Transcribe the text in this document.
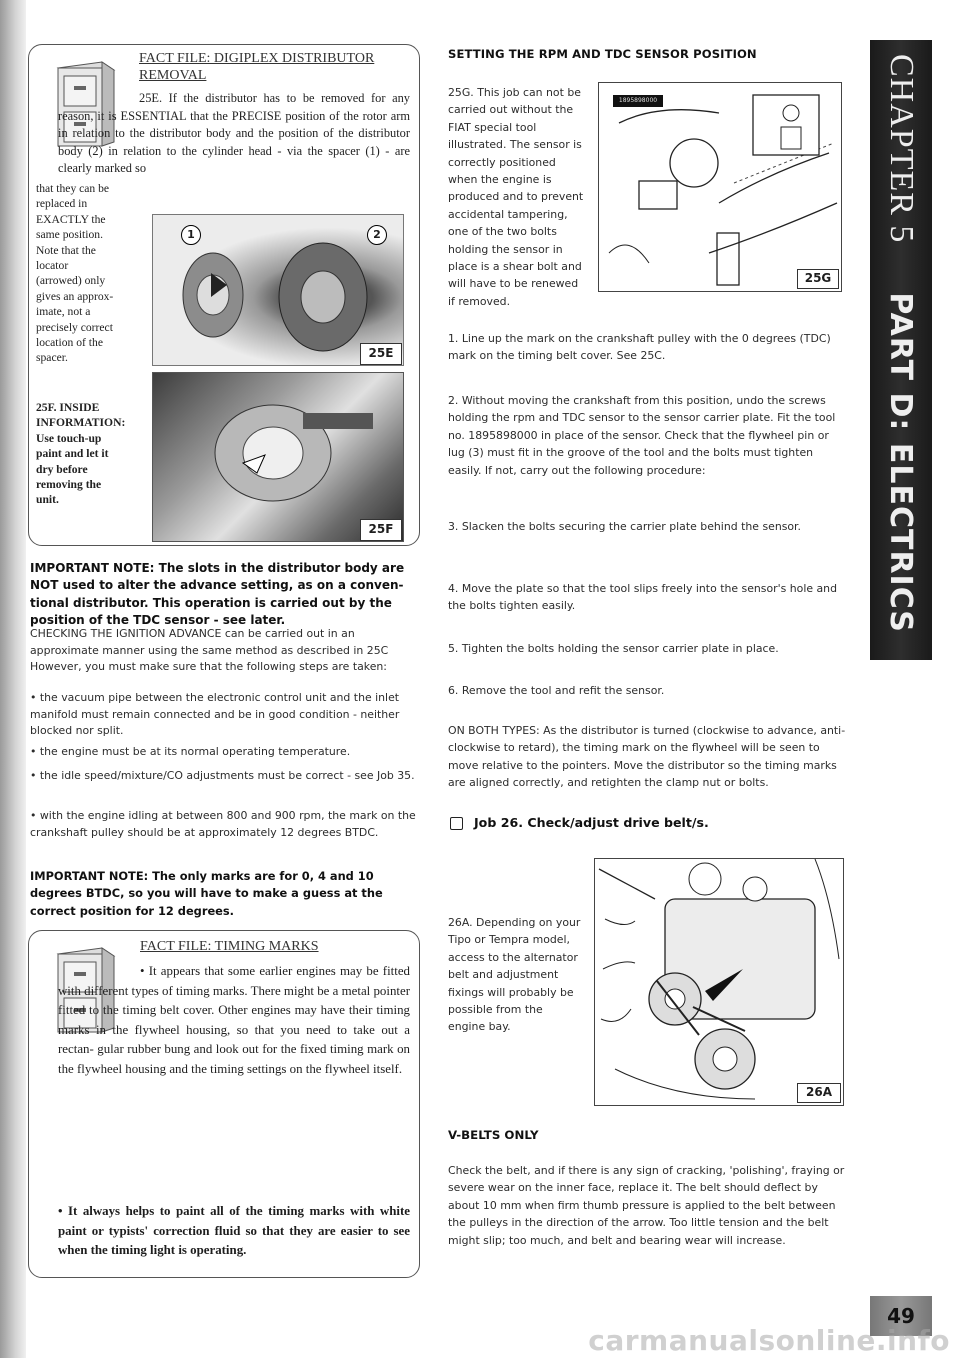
FACT FILE: DIGIPLEX DISTRIBUTOR REMOVAL
25E. If the distributor has to be removed for any reason, it is ESSENTIAL that the PRECISE position of the rotor arm in relation to the distributor body and the position of the distributor body (2) in relation to the cylinder head - via the spacer (1) - are clearly marked so
that they can be replaced in EXACTLY the same position. Note that the locator (arrowed) only gives an approx- imate, not a precisely correct location of the spacer.
25F. INSIDE INFORMATION: Use touch-up paint and let it dry before removing the unit.
1	2
25E
25F
IMPORTANT NOTE: The slots in the distributor body are NOT used to alter the advance setting, as on a conven- tional distributor. This operation is carried out by the position of the TDC sensor - see later.
CHECKING THE IGNITION ADVANCE can be carried out in an approximate manner using the same method as described in 25C However, you must make sure that the following steps are taken:
• the vacuum pipe between the electronic control unit and the inlet manifold must remain connected and be in good condition - neither blocked nor split.
• the engine must be at its normal operating temperature.
• the idle speed/mixture/CO adjustments must be correct - see Job 35.
• with the engine idling at between 800 and 900 rpm, the mark on the crankshaft pulley should be at approximately 12 degrees BTDC.
IMPORTANT NOTE: The only marks are for 0, 4 and 10 degrees BTDC, so you will have to make a guess at the correct position for 12 degrees.
FACT FILE: TIMING MARKS
• It appears that some earlier engines may be fitted with different types of timing marks. There might be a metal pointer fitted to the timing belt cover. Other engines may have their timing marks in the flywheel housing, so that you need to take out a rectan- gular rubber bung and look out for the fixed timing mark on the flywheel housing and the timing settings on the flywheel itself.
• It always helps to paint all of the timing marks with white paint or typists' correction fluid so that they are easier to see when the timing light is operating.
SETTING THE RPM AND TDC SENSOR POSITION
25G. This job can not be carried out without the FIAT special tool illustrated. The sensor is correctly positioned when the engine is produced and to prevent accidental tampering, one of the two bolts holding the sensor in place is a shear bolt and will have to be renewed if removed.
1895898000
25G
1. Line up the mark on the crankshaft pulley with the 0 degrees (TDC) mark on the timing belt cover. See 25C.
2. Without moving the crankshaft from this position, undo the screws holding the rpm and TDC sensor to the sensor carrier plate. Fit the tool no. 1895898000 in place of the sensor. Check that the flywheel pin or lug (3) must fit in the groove of the tool and the bolts must tighten easily. If not, carry out the following procedure:
3. Slacken the bolts securing the carrier plate behind the sensor.
4. Move the plate so that the tool slips freely into the sensor's hole and the bolts tighten easily.
5. Tighten the bolts holding the sensor carrier plate in place.
6. Remove the tool and refit the sensor.
ON BOTH TYPES: As the distributor is turned (clockwise to advance, anti-clockwise to retard), the timing mark on the flywheel will be seen to move relative to the pointers. Move the distributor so the timing marks are aligned correctly, and retighten the clamp nut or bolts.
Job 26. Check/adjust drive belt/s.
26A. Depending on your Tipo or Tempra model, access to the alternator belt and adjustment fixings will probably be possible from the engine bay.
26A
V-BELTS ONLY
Check the belt, and if there is any sign of cracking, 'polishing', fraying or severe wear on the inner face, replace it. The belt should deflect by about 10 mm when firm thumb pressure is applied to the belt between the pulleys in the direction of the arrow. Too little tension and the belt might slip; too much, and belt and bearing wear will increase.
CHAPTER 5  PART D: ELECTRICS
49
carmanualsonline.info
